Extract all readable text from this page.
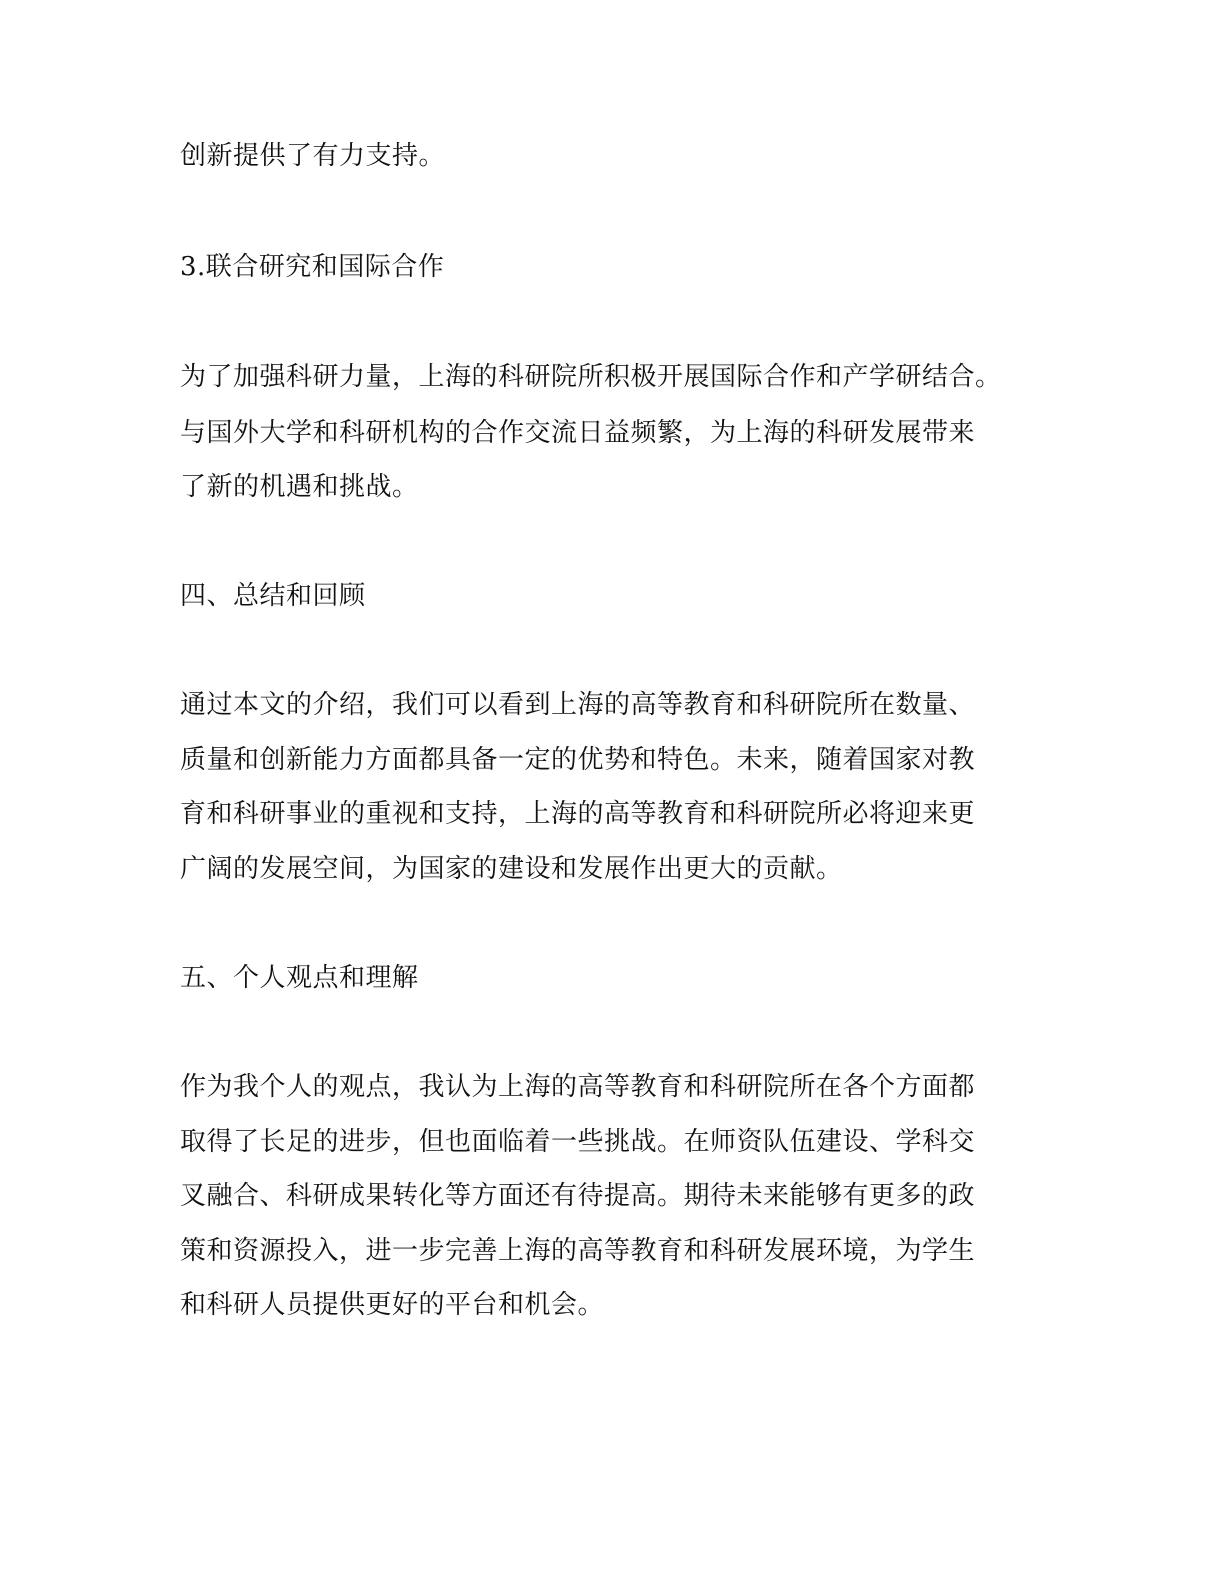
创新提供了有力支持。
3.联合研究和国际合作
为了加强科研力量，上海的科研院所积极开展国际合作和产学研结合。
与国外大学和科研机构的合作交流日益频繁，为上海的科研发展带来
了新的机遇和挑战。
四、总结和回顾
通过本文的介绍，我们可以看到上海的高等教育和科研院所在数量、
质量和创新能力方面都具备一定的优势和特色。未来，随着国家对教
育和科研事业的重视和支持，上海的高等教育和科研院所必将迎来更
广阔的发展空间，为国家的建设和发展作出更大的贡献。
五、个人观点和理解
作为我个人的观点，我认为上海的高等教育和科研院所在各个方面都
取得了长足的进步，但也面临着一些挑战。在师资队伍建设、学科交
叉融合、科研成果转化等方面还有待提高。期待未来能够有更多的政
策和资源投入，进一步完善上海的高等教育和科研发展环境，为学生
和科研人员提供更好的平台和机会。
